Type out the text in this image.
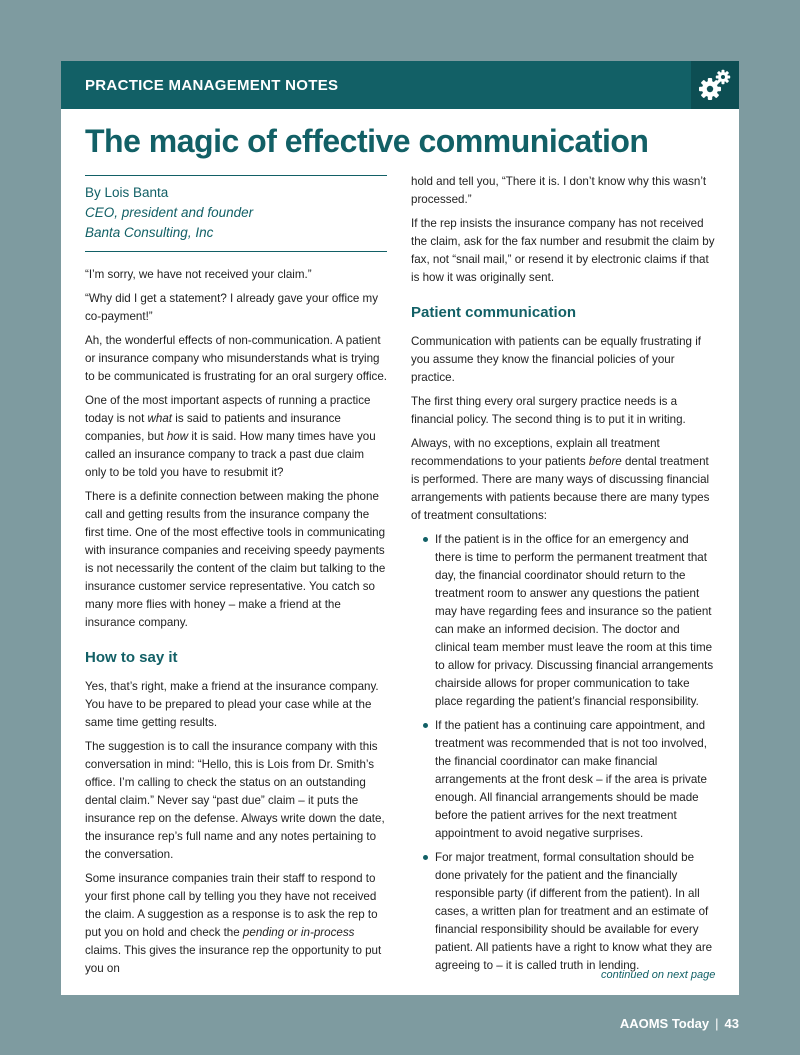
PRACTICE MANAGEMENT NOTES
The magic of effective communication
By Lois Banta
CEO, president and founder
Banta Consulting, Inc

“I’m sorry, we have not received your claim.”

“Why did I get a statement? I already gave your office my co-payment!”

Ah, the wonderful effects of non-communication. A patient or insurance company who misunderstands what is trying to be communicated is frustrating for an oral surgery office.

One of the most important aspects of running a practice today is not what is said to patients and insurance companies, but how it is said. How many times have you called an insurance company to track a past due claim only to be told you have to resubmit it?

There is a definite connection between making the phone call and getting results from the insurance company the first time. One of the most effective tools in communicating with insurance companies and receiving speedy payments is not necessarily the content of the claim but talking to the insurance customer service representative. You catch so many more flies with honey – make a friend at the insurance company.

How to say it

Yes, that’s right, make a friend at the insurance company. You have to be prepared to plead your case while at the same time getting results.

The suggestion is to call the insurance company with this conversation in mind: “Hello, this is Lois from Dr. Smith’s office. I’m calling to check the status on an outstanding dental claim.” Never say “past due” claim – it puts the insurance rep on the defense. Always write down the date, the insurance rep’s full name and any notes pertaining to the conversation.

Some insurance companies train their staff to respond to your first phone call by telling you they have not received the claim. A suggestion as a response is to ask the rep to put you on hold and check the pending or in-process claims. This gives the insurance rep the opportunity to put you on

hold and tell you, “There it is. I don’t know why this wasn’t processed.”

If the rep insists the insurance company has not received the claim, ask for the fax number and resubmit the claim by fax, not “snail mail,” or resend it by electronic claims if that is how it was originally sent.

Patient communication

Communication with patients can be equally frustrating if you assume they know the financial policies of your practice.

The first thing every oral surgery practice needs is a financial policy. The second thing is to put it in writing.

Always, with no exceptions, explain all treatment recommendations to your patients before dental treatment is performed. There are many ways of discussing financial arrangements with patients because there are many types of treatment consultations:

If the patient is in the office for an emergency and there is time to perform the permanent treatment that day, the financial coordinator should return to the treatment room to answer any questions the patient may have regarding fees and insurance so the patient can make an informed decision. The doctor and clinical team member must leave the room at this time to allow for privacy. Discussing financial arrangements chairside allows for proper communication to take place regarding the patient’s financial responsibility.
If the patient has a continuing care appointment, and treatment was recommended that is not too involved, the financial coordinator can make financial arrangements at the front desk – if the area is private enough. All financial arrangements should be made before the patient arrives for the next treatment appointment to avoid negative surprises.
For major treatment, formal consultation should be done privately for the patient and the financially responsible party (if different from the patient). In all cases, a written plan for treatment and an estimate of financial responsibility should be available for every patient. All patients have a right to know what they are agreeing to – it is called truth in lending.
continued on next page
AAOMS Today | 43
